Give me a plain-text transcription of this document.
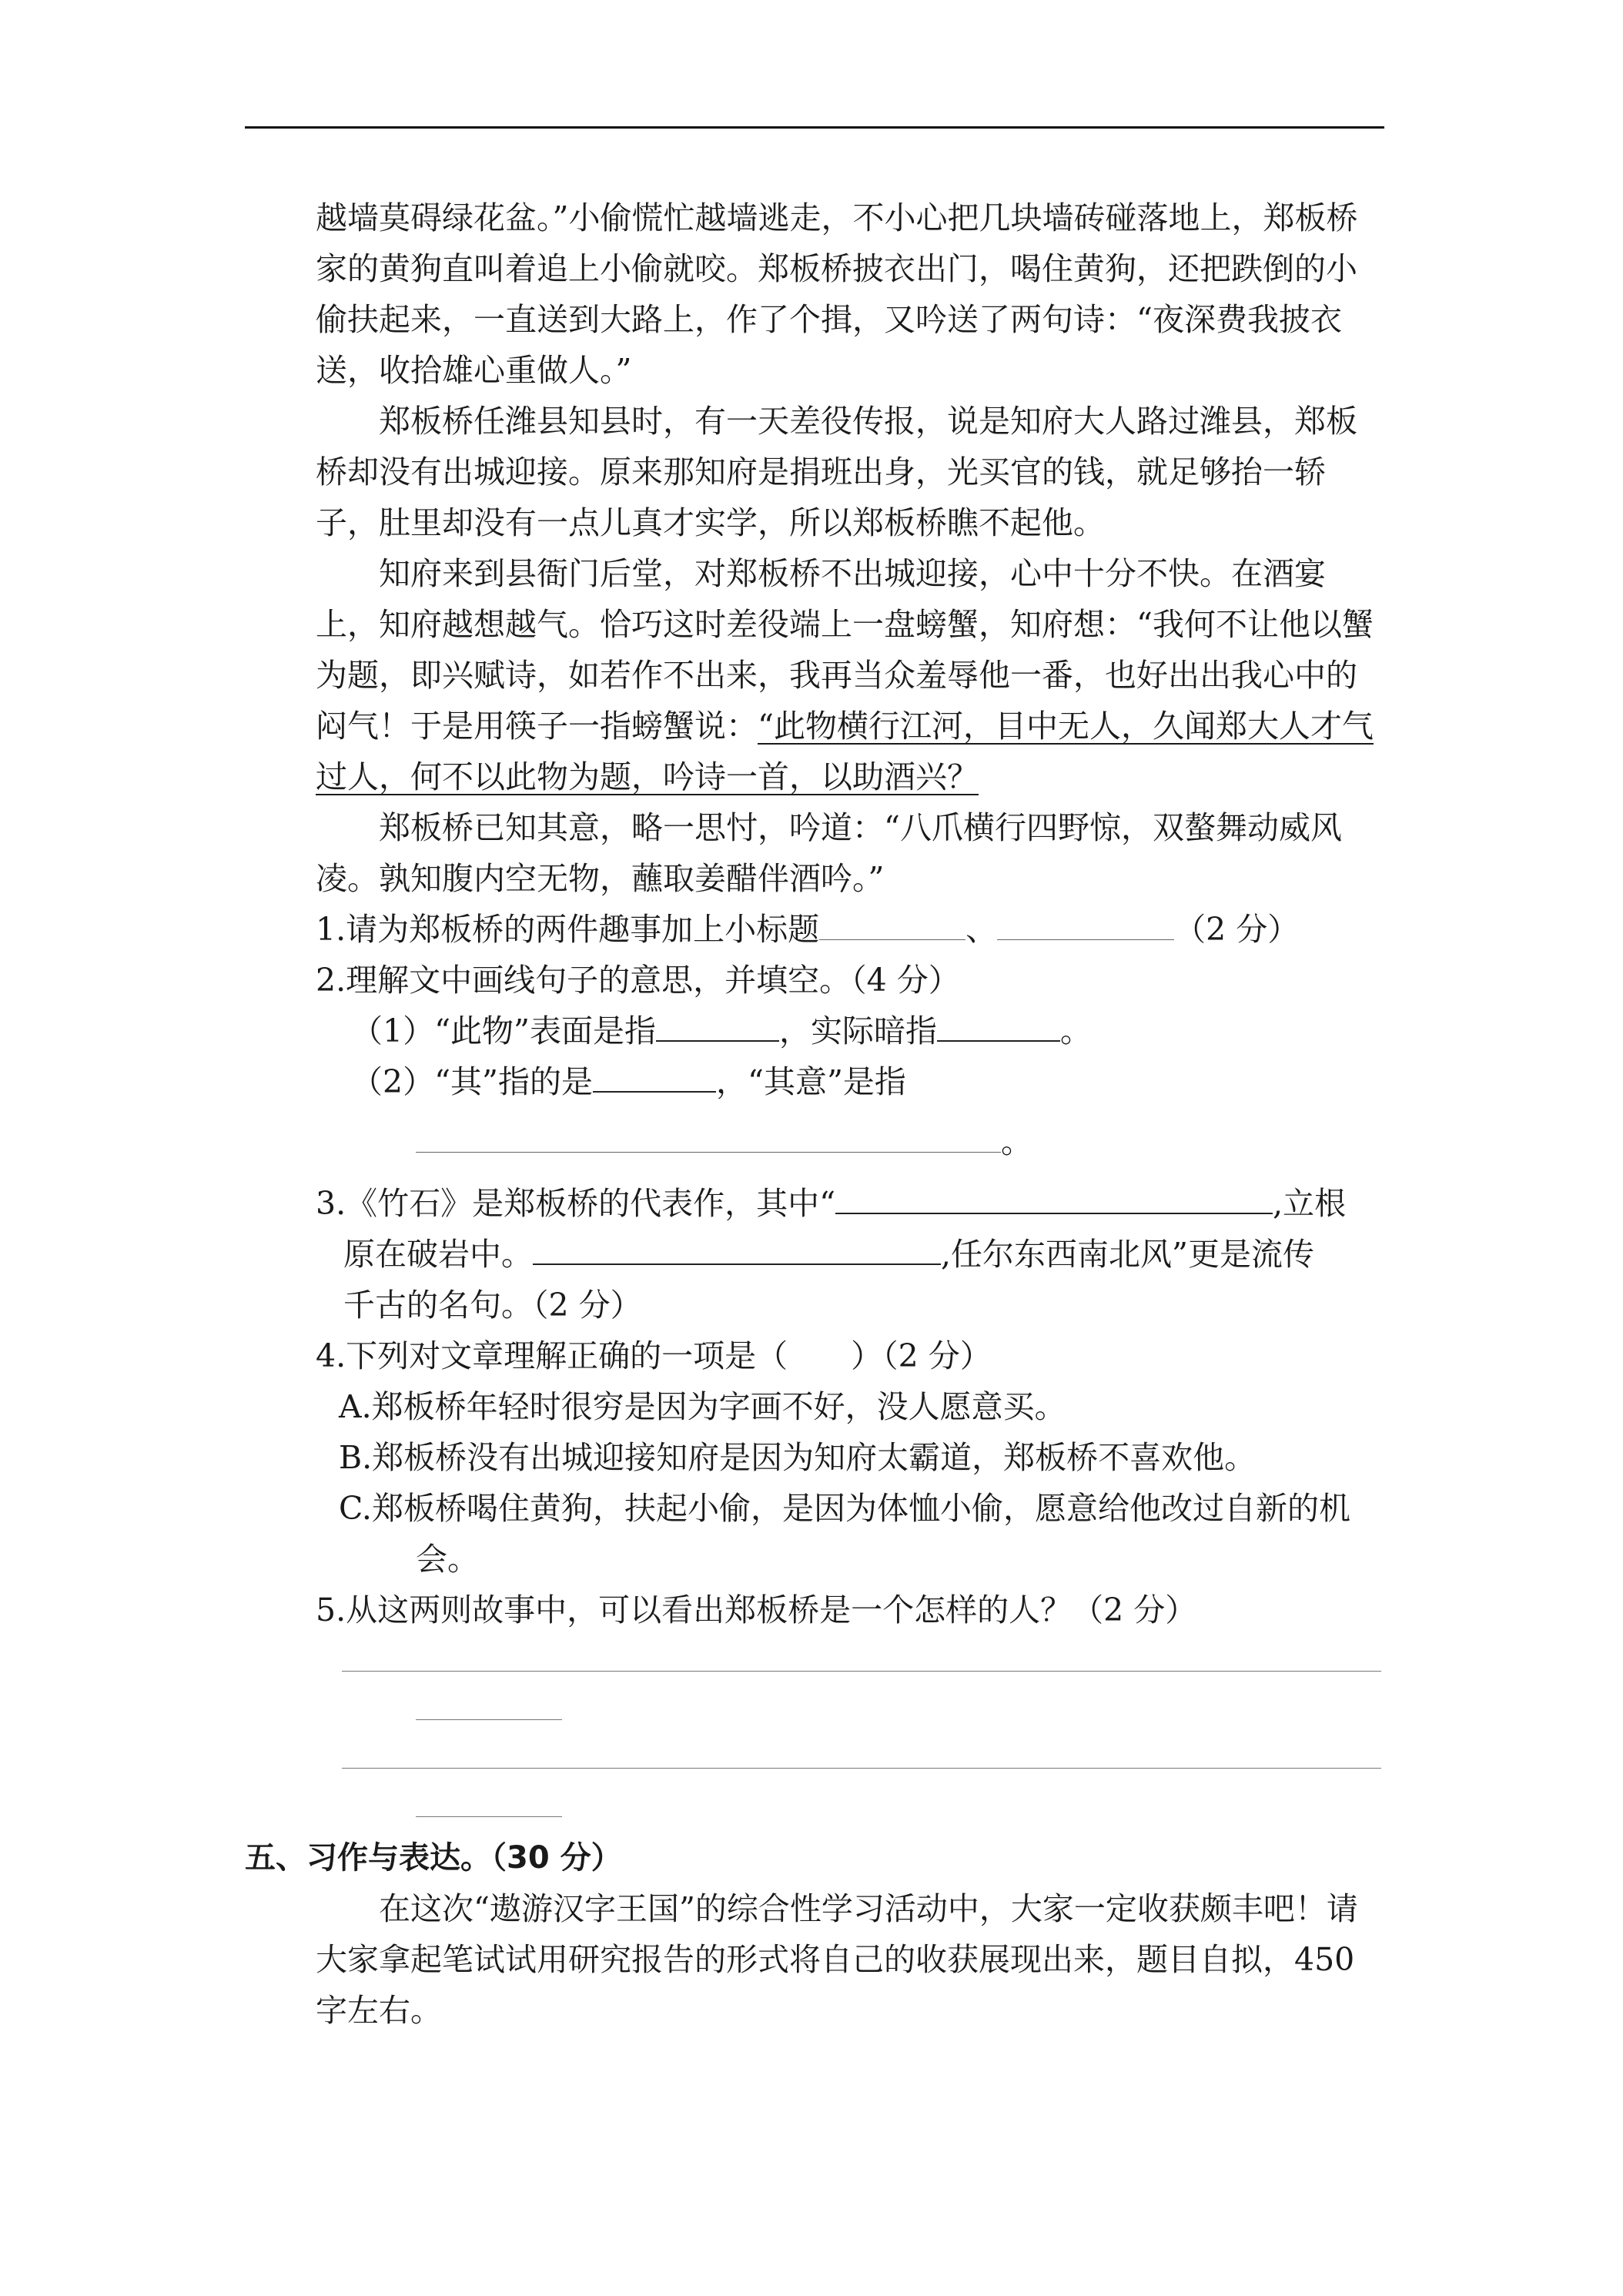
越墙莫碍绿花盆。”小偷慌忙越墙逃走，不小心把几块墙砖碰落地上，郑板桥家的黄狗直叫着追上小偷就咬。郑板桥披衣出门，喝住黄狗，还把跌倒的小偷扶起来，一直送到大路上，作了个揖，又吟送了两句诗：“夜深费我披衣送，收拾雄心重做人。”

郑板桥任潍县知县时，有一天差役传报，说是知府大人路过潍县，郑板桥却没有出城迎接。原来那知府是捐班出身，光买官的钱，就足够抬一轿子，肚里却没有一点儿真才实学，所以郑板桥瞧不起他。

知府来到县衙门后堂，对郑板桥不出城迎接，心中十分不快。在酒宴上，知府越想越气。恰巧这时差役端上一盘螃蟹，知府想：“我何不让他以蟹为题，即兴赋诗，如若作不出来，我再当众羞辱他一番，也好出出我心中的闷气！于是用筷子一指螃蟹说：“此物横行江河，目中无人，久闻郑大人才气过人，何不以此物为题，吟诗一首，以助酒兴？

郑板桥已知其意，略一思忖，吟道：“八爪横行四野惊，双螯舞动威风凌。孰知腹内空无物，蘸取姜醋伴酒吟。”

1.请为郑板桥的两件趣事加上小标题	、	（2 分）

2.理解文中画线句子的意思，并填空。（4 分）

（1）“此物”表面是指	，实际暗指	。

（2）“其”指的是	，“其意”是指

。

3.《竹石》是郑板桥的代表作，其中“	,立根

原在破岩中。	,任尔东西南北风”更是流传

千古的名句。（2 分）

4.下列对文章理解正确的一项是（　　）（2 分）

A.郑板桥年轻时很穷是因为字画不好，没人愿意买。

B.郑板桥没有出城迎接知府是因为知府太霸道，郑板桥不喜欢他。

C.郑板桥喝住黄狗，扶起小偷，是因为体恤小偷，愿意给他改过自新的机

会。

5.从这两则故事中，可以看出郑板桥是一个怎样的人？（2 分）

五、习作与表达。（30 分）

在这次“遨游汉字王国”的综合性学习活动中，大家一定收获颇丰吧！请大家拿起笔试试用研究报告的形式将自己的收获展现出来，题目自拟，450字左右。
